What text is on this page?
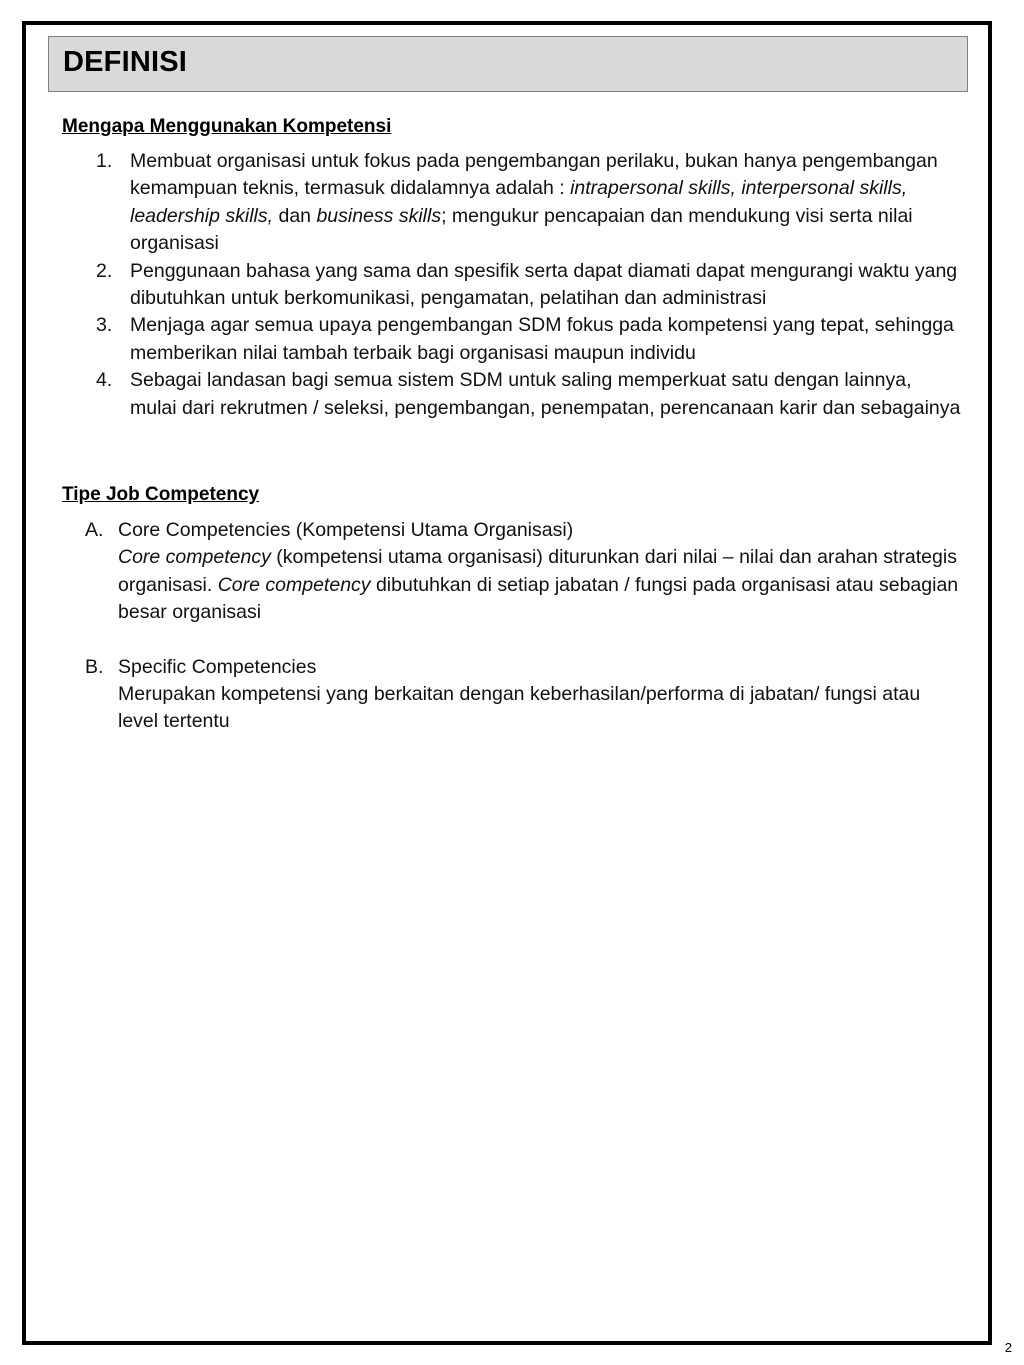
DEFINISI
Mengapa Menggunakan Kompetensi
1. Membuat organisasi untuk fokus pada pengembangan perilaku, bukan hanya pengembangan kemampuan teknis, termasuk didalamnya adalah : intrapersonal skills, interpersonal skills, leadership skills, dan business skills; mengukur pencapaian dan mendukung visi serta nilai organisasi
2. Penggunaan bahasa yang sama dan spesifik serta dapat diamati dapat mengurangi waktu yang dibutuhkan untuk berkomunikasi, pengamatan, pelatihan dan administrasi
3. Menjaga agar semua upaya pengembangan SDM fokus pada kompetensi yang tepat, sehingga memberikan nilai tambah terbaik bagi organisasi maupun individu
4. Sebagai landasan bagi semua sistem SDM untuk saling memperkuat satu dengan lainnya, mulai dari rekrutmen / seleksi, pengembangan, penempatan, perencanaan karir dan sebagainya
Tipe Job Competency
A. Core Competencies (Kompetensi Utama Organisasi)
Core competency (kompetensi utama organisasi) diturunkan dari nilai – nilai dan arahan strategis organisasi. Core competency dibutuhkan di setiap jabatan / fungsi pada organisasi atau sebagian besar organisasi
B. Specific Competencies
Merupakan kompetensi yang berkaitan dengan keberhasilan/performa di jabatan/ fungsi atau level tertentu
2
